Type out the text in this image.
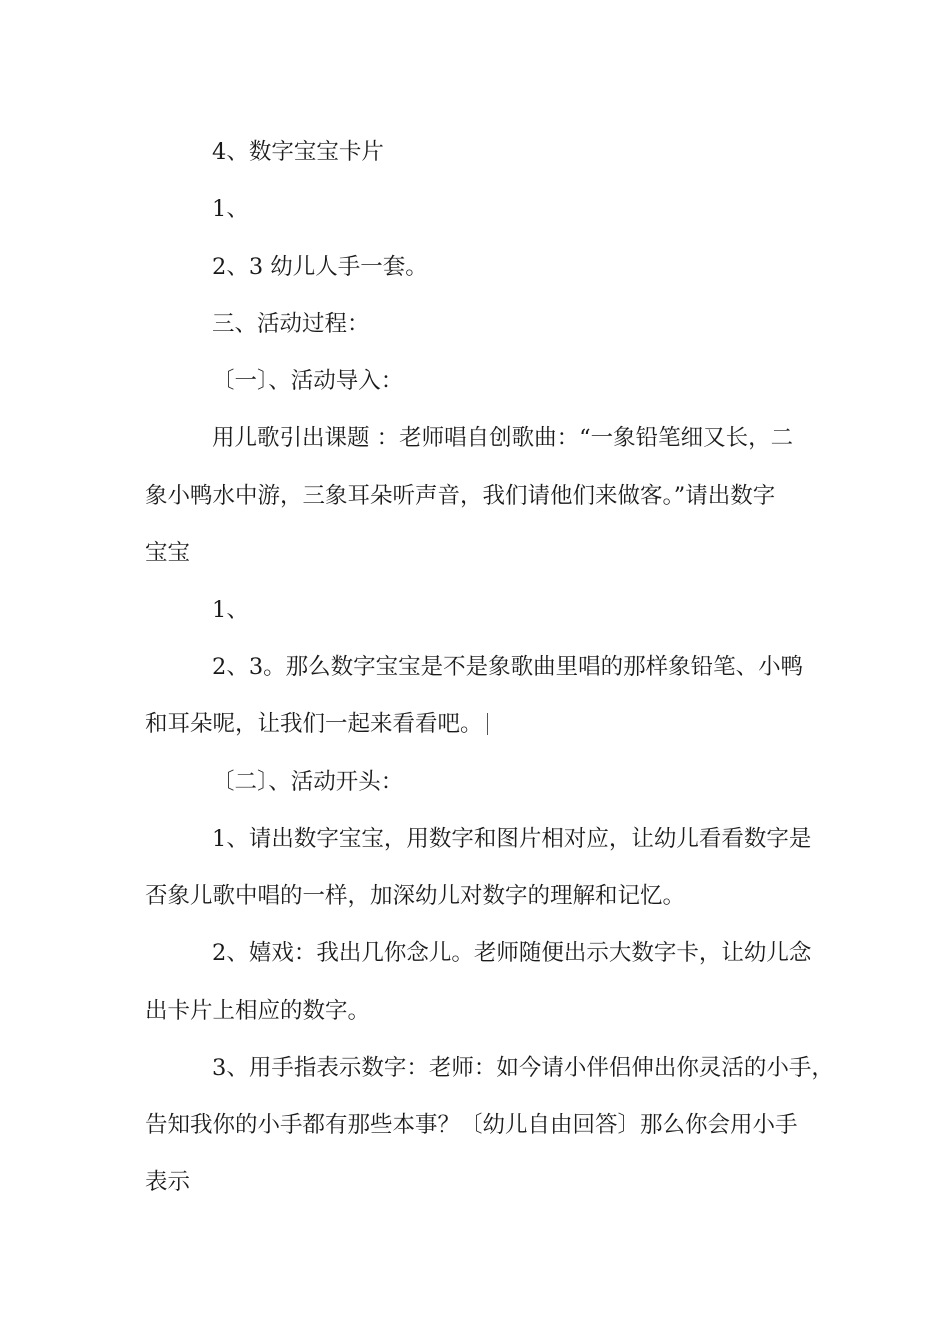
4、数字宝宝卡片

1、

2、3 幼儿人手一套。

三、活动过程：

〔一〕、活动导入：

用儿歌引出课题 ：老师唱自创歌曲：“一象铅笔细又长，二

象小鸭水中游，三象耳朵听声音，我们请他们来做客。”请出数字

宝宝

1、

2、3。那么数字宝宝是不是象歌曲里唱的那样象铅笔、小鸭

和耳朵呢，让我们一起来看看吧。

〔二〕、活动开头：

1、请出数字宝宝，用数字和图片相对应，让幼儿看看数字是

否象儿歌中唱的一样，加深幼儿对数字的理解和记忆。

2、嬉戏：我出几你念儿。老师随便出示大数字卡，让幼儿念

出卡片上相应的数字。

3、用手指表示数字：老师：如今请小伴侣伸出你灵活的小手，

告知我你的小手都有那些本事？〔幼儿自由回答〕那么你会用小手

表示
